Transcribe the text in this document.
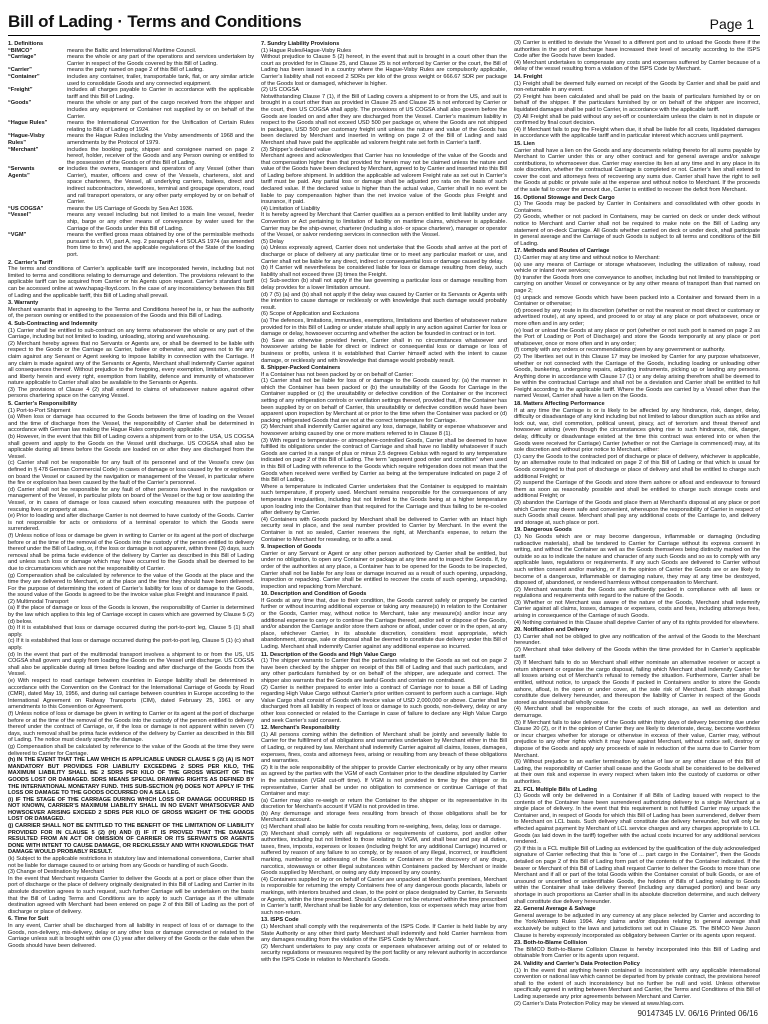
Bill of Lading · Terms and Conditions	Page 1

1. Definitions

“BIMCO”	means the Baltic and International Maritime Council.
“Carriage”	means the whole or any part of the operations and services undertaken by Carrier in respect of the Goods covered by this Bill of Lading.
“Carrier”	means the party named on page 2 of this Bill of Lading.
“Container”	includes any container, trailer, transportable tank, flat, or any similar article used to consolidate Goods and any connected equipment.
“Freight”	includes all charges payable to Carrier in accordance with the applicable tariff and this Bill of Lading.
“Goods”	means the whole or any part of the cargo received from the shipper and includes any equipment or Container not supplied by or on behalf of the Carrier.
“Hague Rules”	means the International Convention for the Unification of Certain Rules relating to Bills of Lading of 1924.
“Hague-Visby Rules”	means the Hague Rules including the Visby amendments of 1968 and the amendments by the Protocol of 1979.
“Merchant”	includes the booking party, shipper and consignee named on page 2 hereof, holder, receiver of the Goods and any Person owning or entitled to the possession of the Goods or of this Bill of Lading.
“Servants or Agents”	includes the owners, managers and operators of any Vessel (other than Carrier), master, officers and crew of the Vessels, charterers, slot and space charterers, the Vessel, all underlying carriers, bailees, direct and indirect subcontractors, stevedores, terminal and groupage operators, road and rail transport operators, or any other party employed by or on behalf of Carrier.
“US COGSA”	means the US Carriage of Goods by Sea Act 1936.
“Vessel”	means any vessel including but not limited to a main line vessel, feeder ship, barge or any other means of conveyance by water used for the Carriage of the Goods under this Bill of Lading.
“VGM”	means the verified gross mass obtained by one of the permissible methods pursuant to ch. VI, part A, reg. 2 paragraph 4 of SOLAS 1974 (as amended from time to time) and the applicable regulations of the State of the loading port.

2. Carrier’s Tariff

The terms and conditions of Carrier’s applicable tariff are incorporated herein, including but not limited to terms and conditions relating to demurrage and detention. The provisions relevant to the applicable tariff can be acquired from Carrier or his Agents upon request. Carrier’s standard tariff can be accessed online at www.hapag-lloyd.com. In the case of any inconsistency between this Bill of Lading and the applicable tariff, this Bill of Lading shall prevail.

3. Warranty

Merchant warrants that in agreeing to the Terms and Conditions hereof he is, or has the authority of, the person owning or entitled to the possession of the Goods and this Bill of Lading.

4. Sub-Contracting and Indemnity

(1) Carrier shall be entitled to sub-contract on any terms whatsoever the whole or any part of the Carriage, including but not limited to loading, unloading, storing and warehousing.

(2) Merchant hereby agrees that no Servants or Agents are, or shall be deemed to be liable with respect to the Goods or the Carriage as Carrier, bailee or otherwise, and agrees not to file any claim against any Servant or Agent seeking to impose liability in connection with the Carriage. If any claim is made against any of the Servants or Agents, Merchant shall indemnify Carrier against all consequences thereof. Without prejudice to the foregoing, every exemption, limitation, condition and liberty herein and every right, exemption from liability, defence and immunity of whatsoever nature applicable to Carrier shall also be available to the Servants or Agents.

(3) The provisions of Clause 4 (2) shall extend to claims of whatsoever nature against other persons chartering space on the carrying Vessel.

5. Carrier’s Responsibility

(1) Port-to-Port Shipment

(a) When loss or damage has occurred to the Goods between the time of loading on the Vessel and the time of discharge from the Vessel, the responsibility of Carrier shall be determined in accordance with German law making the Hague Rules compulsorily applicable.

(b) However, in the event that this Bill of Lading covers a shipment from or to the USA, US COGSA shall govern and apply to the Goods on the Vessel until discharge. US COGSA shall also be applicable during all times before the Goods are loaded on or after they are discharged from the Vessel.

(c) Carrier shall not be responsible for any fault of its personnel and of the Vessel’s crew (as defined in § 478 German Commercial Code) in cases of damage or loss caused by fire or explosion on board the Vessel or caused by the navigation or management of the Vessel, in particular where the fire or explosion has been caused by the fault of the Carrier’s personnel.

(d) Carrier shall not be responsible for any fault of other persons involved in the navigation or management of the Vessel, in particular pilots on board of the Vessel or the tug or tow assisting the Vessel, or in cases of damage or loss caused when executing measures with the purpose of rescuing lives or property at sea.

(e) Prior to loading and after discharge Carrier is not deemed to have custody of the Goods. Carrier is not responsible for acts or omissions of a terminal operator to which the Goods were surrendered.

(f) Unless notice of loss or damage be given in writing to Carrier or its agent at the port of discharge before or at the time of the removal of the Goods into the custody of the person entitled to delivery thereof under the Bill of Lading, or, if the loss or damage is not apparent, within three (3) days, such removal shall be prima facie evidence of the delivery by Carrier as described in this Bill of Lading and unless such loss or damage which may have occurred to the Goods shall be deemed to be due to circumstances which are not the responsibility of Carrier.

(g) Compensation shall be calculated by reference to the value of the Goods at the place and the time they are delivered to Merchant, or at the place and the time they should have been delivered. For the purpose of determining the extent of Carrier’s liability for loss of or damage to the Goods, the sound value of the Goods is agreed to be the invoice value plus Freight and insurance if paid.

(2) Multimodal Transport

(a) If the place of damage or loss of the Goods is known, the responsibility of Carrier is determined by the law which applies to this leg of Carriage except in cases which are governed by Clause 5 (2) (d) below.

(b) If it is established that loss or damage occurred during the port-to-port leg, Clause 5 (1) shall apply.

(c) If it is established that loss or damage occurred during the port-to-port leg, Clause 5 (1) (c) shall apply.

(d) In the event that part of the multimodal transport involves a shipment to or from the US, US COGSA shall govern and apply from loading the Goods on the Vessel until discharge. US COGSA shall also be applicable during all times before loading and after discharge of the Goods from the Vessel.

(e) With respect to road carriage between countries in Europe liability shall be determined in accordance with the Convention on the Contract for the International Carriage of Goods by Road (CMR), dated May 19, 1956, and during rail carriage between countries in Europe according to the International Agreement on Railway Transports (CIM), dated February 25, 1961 or any amendments to this Convention or Agreement.

(f) Unless notice of loss or damage be given in writing to Carrier or its agent at the port of discharge before or at the time of the removal of the Goods into the custody of the person entitled to delivery thereof under the contract of Carriage, or, if the loss or damage is not apparent within seven (7) days, such removal shall be prima facie evidence of the delivery by Carrier as described in this Bill of Lading. The notice must clearly specify the damage.

(g) Compensation shall be calculated by reference to the value of the Goods at the time they were delivered to Carrier for Carriage.

(h) IN THE EVENT THAT THE LAW WHICH IS APPLICABLE UNDER CLAUSE 5 (2) (A) IS NOT MANDATORY BUT PROVIDES FOR LIABILITY EXCEEDING 2 SDRS PER KILO, THE MAXIMUM LIABILITY SHALL BE 2 SDRS PER KILO OF THE GROSS WEIGHT OF THE GOODS LOST OR DAMAGED. SDRS MEANS SPECIAL DRAWING RIGHTS AS DEFINED BY THE INTERNATIONAL MONETARY FUND. THIS SUB-SECTION (H) DOES NOT APPLY IF THE LOSS OR DAMAGE TO THE GOODS OCCURRED ON A SEA LEG.

(i) IF THE STAGE OF THE CARRIAGE DURING WHICH LOSS OR DAMAGE OCCURRED IS NOT KNOWN, CARRIER’S MAXIMUM LIABILITY SHALL IN NO EVENT WHATSOEVER AND HOWSOEVER ARISING EXCEED 2 SDRS PER KILO OF GROSS WEIGHT OF THE GOODS LOST OR DAMAGED.

(j) CARRIER SHALL NOT BE ENTITLED TO THE BENEFIT OF THE LIMITATION OF LIABILITY PROVIDED FOR IN CLAUSE 5 (2) (H) AND (I) IF IT IS PROVED THAT THE DAMAGE RESULTED FROM AN ACT OR OMISSION OF CARRIER OR ITS SERVANTS OR AGENTS DONE WITH INTENT TO CAUSE DAMAGE, OR RECKLESSLY AND WITH KNOWLEDGE THAT DAMAGE WOULD PROBABLY RESULT.

(k) Subject to the applicable restrictions in statutory law and international conventions, Carrier shall not be liable for damage caused to or arising from any Goods or handling of such Goods.

(3) Change of Destination by Merchant

In the event that Merchant requests Carrier to deliver the Goods at a port or place other than the port of discharge or the place of delivery originally designated in this Bill of Lading and Carrier in its absolute discretion agrees to such request, such further Carriage will be undertaken on the basis that the Bill of Lading Terms and Conditions are to apply to such Carriage as if the ultimate destination agreed with Merchant had been entered on page 2 of this Bill of Lading as the port of discharge or place of delivery.

6. Time for Suit

In any event, Carrier shall be discharged from all liability in respect of loss of or damage to the Goods, non-delivery, mis-delivery, delay or any other loss or damage connected or related to the Carriage unless suit is brought within one (1) year after delivery of the Goods or the date when the Goods should have been delivered.

7. Sundry Liability Provisions

(1) Hague Rules/Hague-Visby Rules

Without prejudice to Clause 5 (2) hereof, in the event that suit is brought in a court other than the court as provided for in Clause 25, and Clause 25 is not enforced by Carrier or the court, the Bill of Lading has been issued in a country where the Hague-Visby Rules are compulsorily applicable, Carrier’s liability shall not exceed 2 SDRs per kilo of the gross weight or 666.67 SDR per package of the Goods lost or damaged, whichever is higher.

(2) US COGSA

Notwithstanding Clause 7 (1), if the Bill of Lading covers a shipment to or from the US, and suit is brought in a court other than as provided in Clause 25 and Clause 25 is not enforced by Carrier or the court, then US COGSA shall apply. The provisions of US COGSA shall also govern before the Goods are loaded on and after they are discharged from the Vessel. Carrier’s maximum liability in respect to the Goods shall not exceed USD 500 per package or, where the Goods are not shipped in packages, USD 500 per customary freight unit unless the nature and value of the Goods has been declared by Merchant and inserted in writing on page 2 of the Bill of Lading and said Merchant shall have paid the applicable ad valorem freight rate set forth in Carrier’s tariff.

(3) Shipper’s declared value

Merchant agrees and acknowledges that Carrier has no knowledge of the value of the Goods and that compensation higher than that provided for herein may not be claimed unless the nature and value of the Goods have been declared by Merchant, agreed to by Carrier and inserted into this Bill of Lading before shipment. In addition the applicable ad valorem Freight rate as set out in Carrier’s tariff must be paid. Any partial loss or damage shall be adjusted pro rata on the basis of such declared value. If the declared value is higher than the actual value, Carrier shall in no event be liable to pay compensation higher than the net invoice value of the Goods plus Freight and insurance, if paid.

(4) Limitation of Liability

It is hereby agreed by Merchant that Carrier qualifies as a person entitled to limit liability under any Convention or Act pertaining to limitation of liability on maritime claims, whichever is applicable. Carrier may be the ship-owner, charterer (including a slot- or space charterer), manager or operator of the Vessel, or salvor rendering services in connection with the Vessel.

(5) Delay

(a) Unless expressly agreed, Carrier does not undertake that the Goods shall arrive at the port of discharge or place of delivery at any particular time or to meet any particular market or use, and Carrier shall not be liable for any direct, indirect or consequential loss or damage caused by delay.

(b) If Carrier will nevertheless be considered liable for loss or damage resulting from delay, such liability shall not exceed three (3) times the Freight.

(c) Sub-section (b) shall not apply if the law governing a particular loss or damage resulting from delay provides for a lower limitation amount.

(d) 7 (5) (a) and (b) shall not apply if the delay was caused by Carrier or its Servants or Agents with the intention to cause damage or recklessly or with knowledge that such damage would probably result.

(6) Scope of Application and Exclusions

(a) The defences, limitations, immunities, exemptions, limitations and liberties of whatsoever nature provided for in this Bill of Lading or under statute shall apply in any action against Carrier for loss or damage or delay, howsoever occurring and whether the action be founded in contract or in tort.

(b) Save as otherwise provided herein, Carrier shall in no circumstances whatsoever and howsoever arising be liable for direct or indirect or consequential loss or damage or loss of business or profits, unless it is established that Carrier himself acted with the intent to cause damage, or recklessly and with knowledge that damage would probably result.

8. Shipper-Packed Containers

If a Container has not been packed by or on behalf of Carrier:

(1) Carrier shall not be liable for loss of or damage to the Goods caused by: (a) the manner in which the Container has been packed or (b) the unsuitability of the Goods for Carriage in the Container supplied or (c) the unsuitability or defective condition of the Container or the incorrect setting of any refrigeration controls or ventilation settings thereof, provided that, if the Container has been supplied by or on behalf of Carrier, this unsuitability or defective condition would have been apparent upon inspection by Merchant at or prior to the time when the Container was packed or (d) packing refrigerated Goods that are not at the correct temperature for Carriage.

(2) Merchant shall indemnify Carrier against any loss, damage, liability or expense whatsoever and howsoever arising caused by one or more matters referred to in Clause 8 (1).

(3) With regard to temperature- or atmosphere-controlled Goods, Carrier shall be deemed to have fulfilled its obligations under the contract of Carriage and shall have no liability whatsoever if such Goods are carried in a range of plus or minus 2.5 degrees Celsius with regard to any temperature indicated on page 2 of this Bill of Lading. The term “apparent good order and condition” when used in this Bill of Lading with reference to the Goods which require refrigeration does not mean that the Goods when received were verified by Carrier as being at the temperature indicated on page 2 of this Bill of Lading.

Where a temperature is indicated Carrier undertakes that the Container is equipped to maintain such temperature, if properly used. Merchant remains responsible for the consequences of any temperature irregularities, including but not limited to the Goods being at a higher temperature upon loading into the Container than that required for the Carriage and thus failing to be re-cooled after delivery by Carrier.

(4) Containers with Goods packed by Merchant shall be delivered to Carrier with an intact high security seal in place, and the seal number provided to Carrier by Merchant. In the event the Container is not so sealed, Carrier reserves the right, at Merchant’s expense, to return the Container to Merchant for resealing, or to affix a seal.

9. Inspection of Goods

Carrier or any Servant or Agent or any other person authorized by Carrier shall be entitled, but under no obligation, to open any Container or package at any time and to inspect the Goods. If, by order of the authorities at any place, a Container has to be opened for the Goods to be inspected, Carrier shall not be liable for any loss or damage incurred as a result of such opening, unpacking, inspection or repacking. Carrier shall be entitled to recover the costs of such opening, unpacking, inspection and repacking from Merchant.

10. Description and Condition of Goods

If Goods at any time that, due to their condition, the Goods cannot safely or properly be carried further or without incurring additional expense or taking any measure(s) in relation to the Container or the Goods, Carrier may, without notice to Merchant, take any measure(s) and/or incur any additional expense to carry or to continue the Carriage thereof, and/or sell or dispose of the Goods, and/or abandon the Carriage and/or store them ashore or afloat, under cover or in the open, at any place, whichever Carrier, in its absolute discretion, considers most appropriate, which abandonment, storage, sale or disposal shall be deemed to constitute due delivery under this Bill of Lading. Merchant shall indemnify Carrier against any additional expense so incurred.

11. Description of the Goods and High Value Cargo

(1) The shipper warrants to Carrier that the particulars relating to the Goods as set out on page 2 have been checked by the shipper on receipt of this Bill of Lading and that such particulars, and any other particulars furnished by or on behalf of the shipper, are adequate and correct. The shipper also warrants that the Goods are lawful Goods and contain no contraband.

(2) Carrier is neither prepared to enter into a contract of Carriage nor to issue a Bill of Lading regarding High Value Cargo without Carrier’s prior written consent to perform such a carriage. High Value Cargo shall consist of Goods with invoice value of USD 2,000,000 or above. Carrier shall be discharged from all liability in respect of loss or damage to such goods, non-delivery, delay or any other loss connected or related to the Carriage in case of failure to declare any High Value Cargo and seek Carrier’s said consent.

12. Merchant’s Responsibility

(1) All persons coming within the definition of Merchant shall be jointly and severally liable to Carrier for the fulfillment of all obligations and warranties undertaken by Merchant either in this Bill of Lading, or required by law. Merchant shall indemnify Carrier against all claims, losses, damages, expenses, fines, costs and attorneys fees, arising or resulting from any breach of these obligations and warranties.

(2) It is the sole responsibility of the shipper to provide Carrier electronically or by any other means as agreed by the parties with the VGM of each Container prior to the deadline stipulated by Carrier in the submission (VGM cut-off time). If VGM is not provided in time by the shipper or its representative, Carrier shall be under no obligation to commence or continue Carriage of that Container and may:

(a) Carrier may also re-weigh or return the Container to the shipper or its representative in its discretion for Merchant’s account if VGM is not provided in time.

(b) Any demurrage and storage fees resulting from breach of those obligations shall be for Merchant’s account.

(c) Merchant shall also be liable for costs resulting from re-weighing, fees, delay, loss or damage.

(3) Merchant shall comply with all regulations or requirements of customs, port and/or other authorities, including but not limited to those relating to VGM, and shall bear and pay all duties, taxes, fines, imposts, expenses or losses (including freight for any additional Carriage) incurred or suffered by reason of any failure to so comply, or by reason of any illegal, incorrect, or insufficient marking, numbering or addressing of the Goods or Containers or the discovery of any drugs, narcotics, stowaways or other illegal substances within Containers packed by Merchant or inside Goods supplied by Merchant, or owing any duty imposed by any country.

(4) Containers supplied by or on behalf of Carrier are unpacked at Merchant’s premises, Merchant is responsible for returning the empty Containers free of any dangerous goods placards, labels or markings, with interiors brushed and clean, to the point or place designated by Carrier, its Servants or Agents, within the time prescribed. Should a Container not be returned within the time prescribed in Carrier’s tariff, Merchant shall be liable for any detention, loss or expenses which may arise from such non-return.

13. ISPS Code

(1) Merchant shall comply with the requirements of the ISPS Code. If Carrier is held liable by any State Authority or any other third party Merchant shall indemnify and hold Carrier harmless from any damages resulting from the violation of the ISPS Code by Merchant.

(2) Merchant undertakes to pay any costs or expenses whatsoever arising out of or related to security regulations or measures required by the port facility or any relevant authority in accordance with the ISPS Code in relation to Merchant’s Goods.

(3) Carrier is entitled to deviate the Vessel to a different port and to unload the Goods there if the authorities in the port of discharge have increased their level of security according to the ISPS Code after the Goods have been loaded.

(4) Merchant undertakes to compensate any costs and expenses suffered by Carrier because of a delay of the vessel resulting from a violation of the ISPS Code by Merchant.

14. Freight

(1) Freight shall be deemed fully earned on receipt of the Goods by Carrier and shall be paid and non-returnable in any event.

(2) Freight has been calculated and shall be paid on the basis of particulars furnished by or on behalf of the shipper. If the particulars furnished by or on behalf of the shipper are incorrect, liquidated damages shall be paid to Carrier, in accordance with the applicable tariff.

(3) All Freight shall be paid without any set-off or counterclaim unless the claim is not in dispute or confirmed by final court decision.

(4) If Merchant fails to pay the Freight when due, it shall be liable for all costs, liquidated damages in accordance with the applicable tariff and in particular interest which accrues until payment.

15. Lien

Carrier shall have a lien on the Goods and any documents relating thereto for all sums payable by Merchant to Carrier under this or any other contract and for general average and/or salvage contributions, to whomsoever due. Carrier may exercise its lien at any time and in any place in its sole discretion, whether the contractual Carriage is completed or not. Carrier’s lien shall extend to cover the cost and attorneys fees of recovering any sums due. Carrier shall have the right to sell the Goods at public or private sale at the expense and without notice to Merchant. If the proceeds of the sale fail to cover the amount due, Carrier is entitled to recover the deficit from Merchant.

16. Optional Stowage and Deck Cargo

(1) The Goods may be packed by Carrier in Containers and consolidated with other goods in Containers.

(2) Goods, whether or not packed in Containers, may be carried on deck or under deck without notice to Merchant and Carrier shall not be required to make note on the Bill of Lading any statement of on-deck Carriage. All Goods whether carried on deck or under deck, shall participate in general average and the Carriage of such Goods is subject to all terms and conditions of the Bill of Lading.

17. Methods and Routes of Carriage

(1) Carrier may at any time and without notice to Merchant:

(a) use any means of Carriage or storage whatsoever, including the utilization of railway, road vehicle or inland river services;

(b) transfer the Goods from one conveyance to another, including but not limited to transhipping or carrying on another Vessel or conveyance or by any other means of transport than that named on page 2;

(c) unpack and remove Goods which have been packed into a Container and forward them in a Container or otherwise;

(d) proceed by any route in its discretion (whether or not the nearest or most direct or customary or advertised route), at any speed, and proceed to or stay at any place or port whatsoever, once or more often and in any order;

(e) load or unload the Goods at any place or port (whether or not such port is named on page 2 as the Port of Loading or Port of Discharge) and store the Goods temporarily at any place or port whatsoever, once or more often and in any order;

(f) comply with any orders or recommendations given by any government or authority.

(2) The liberties set out in this Clause 17 may be invoked by Carrier for any purpose whatsoever, whether or not connected with the Carriage of the Goods, including loading or unloading other Goods, bunkering, undergoing repairs, adjusting instruments, picking up or landing any persons. Anything done in accordance with Clause 17 (1) or any delay arising therefrom shall be deemed to be within the contractual Carriage and shall not be a deviation and Carrier shall be entitled to full Freight according to the applicable tariff. Where the Goods are carried by a Vessel other than the named Vessel, Carrier shall have a lien on the Goods.

18. Matters Affecting Performance

If at any time the Carriage is or is likely to be affected by any hindrance, risk, danger, delay, difficulty or disadvantage of any kind including but not limited to labour disruption such as strike and lock out, war, civil commotion, political unrest, piracy, act of terrorism and threat thereof and howsoever arising (even though the circumstances giving rise to such hindrance, risk, danger, delay, difficulty or disadvantage existed at the time this contract was entered into or when the Goods were received for Carriage) Carrier (whether or not the Carriage is commenced) may, at its sole discretion and without prior notice to Merchant, either:

(1) carry the Goods to the contracted port of discharge or place of delivery, whichever is applicable, by an alternative route to that indicated on page 2 of this Bill of Lading or that which is usual for Goods consigned to that port of discharge or place of delivery and shall be entitled to charge such additional Freight; or

(2) suspend the Carriage of the Goods and store them ashore or afloat and endeavour to forward them as soon as reasonably possible and shall be entitled to charge such storage costs and additional Freight; or

(3) abandon the Carriage of the Goods and place them at Merchant’s disposal at any place or port which Carrier may deem safe and convenient, whereupon the responsibility of Carrier in respect of such Goods shall cease. Merchant shall pay any additional costs of the Carriage to, and delivery and storage at, such place or port.

19. Dangerous Goods

(1) No Goods which are or may become dangerous, inflammable or damaging (including radioactive materials), shall be tendered to Carrier for Carriage without its express consent in writing, and without the Container as well as the Goods themselves being distinctly marked on the outside so as to indicate the nature and character of any such Goods and so as to comply with any applicable laws, regulations or requirements. If any such Goods are delivered to Carrier without such written consent and/or marking, or if in the opinion of Carrier the Goods are or are likely to become of a dangerous, inflammable or damaging nature, they may at any time be destroyed, disposed of, abandoned, or rendered harmless without compensation to Merchant.

(2) Merchant warrants that the Goods are sufficiently packed in compliance with all laws or regulations and requirements with regard to the nature of the Goods.

(3) Whether or not Merchant was aware of the nature of the Goods, Merchant shall indemnify Carrier against all claims, losses, damages or expenses, costs and fees, including attorneys fees, arising in consequence of the Carriage of such Goods.

(4) Nothing contained in this Clause shall deprive Carrier of any of its rights provided for elsewhere.

20. Notification and Delivery

(1) Carrier shall not be obliged to give any notification of the arrival of the Goods to the Merchant hereunder.

(2) Merchant shall take delivery of the Goods within the time provided for in Carrier’s applicable tariff.

(3) If Merchant fails to do so Merchant shall either nominate an alternative receiver or accept a return shipment or organise the cargo disposal, failing which Merchant shall indemnify Carrier for all losses arising out of Merchant’s refusal to remedy the situation. Furthermore, Carrier shall be entitled, without notice, to unpack the Goods if packed in Containers and/or to store the Goods ashore, afloat, in the open or under cover, at the sole risk of Merchant. Such storage shall constitute due delivery hereunder, and thereupon the liability of Carrier in respect of the Goods stored as aforesaid shall wholly cease.

(4) Merchant shall be responsible for the costs of such storage, as well as detention and demurrage.

(5) If Merchant fails to take delivery of the Goods within thirty days of delivery becoming due under Clause 20 (2), or if in the opinion of Carrier they are likely to deteriorate, decay, become worthless or incur charges whether for storage or otherwise in excess of their value, Carrier may, without prejudice to any other rights which it may have against Merchant, without notice sell, destroy or dispose of the Goods and apply any proceeds of sale in reduction of the sums due to Carrier from Merchant.

(6) Without prejudice to an earlier termination by virtue of law or any other clause of this Bill of Lading, the responsibility of Carrier shall cease and the Goods shall be considered to be delivered at their own risk and expense in every respect when taken into the custody of customs or other authorities.

21. FCL Multiple Bills of Lading

(1) Goods will only be delivered in a Container if all Bills of Lading issued with respect to the contents of the Container have been surrendered authorizing delivery to a single Merchant at a single place of delivery. In the event that this requirement is not fulfilled Carrier may unpack the Container and, in respect of Goods for which this Bill of Lading has been surrendered, deliver them to Merchant on LCL basis. Such delivery shall constitute due delivery hereunder, but will only be effected against payment by Merchant of LCL service charges and any charges appropriate to LCL Goods (as laid down in the tariff) together with the actual costs incurred for any additional services rendered.

(2) If this is a FCL multiple Bill of Lading as evidenced by the qualification of the duly acknowledged signature of Carrier reflecting that this is “one of ... part cargo in the Container”, then the Goods detailed on page 2 of this Bill of Lading form part of the contents of the Container indicated. If the bearer or Merchant of this Bill of Lading shall request Carrier to deliver the Goods to more than one Merchant and if all or part of the total Goods within the Container consist of bulk Goods, or are of unsound or uncertified or unidentifiable Goods, the holders of Bills of Lading relating to Goods within the Container shall take delivery thereof (including any damaged portion) and bear any shortage in such proportions as Carrier shall in its absolute discretion determine, and such delivery shall constitute due delivery hereunder.

22. General Average & Salvage

General average to be adjusted in any currency at any place selected by Carrier and according to the York/Antwerp Rules 1994. Any claims and/or disputes relating to general average shall exclusively be subject to the laws and jurisdictions set out in Clause 25. The BIMCO New Jason Clause is hereby expressly incorporated as obligatory between Carrier or its agents upon request.

23. Both-to-Blame Collision

The BIMCO Both-to-Blame Collision Clause is hereby incorporated into this Bill of Lading and obtainable from Carrier or its agents upon request.

24. Validity and Carrier’s Data Protection Policy

(1) In the event that anything herein contained is inconsistent with any applicable international convention or national law which cannot be departed from by private contract, the provisions hereof shall to the extent of such inconsistency but no further be null and void. Unless otherwise specifically agreed in writing between Merchant and Carrier, the Terms and Conditions of this Bill of Lading supersede any prior agreements between Merchant and Carrier.

(2) Carrier’s Data Protection Policy may be viewed at www.hlag.com.

90147345 LV. 06/16 Printed 06/16
